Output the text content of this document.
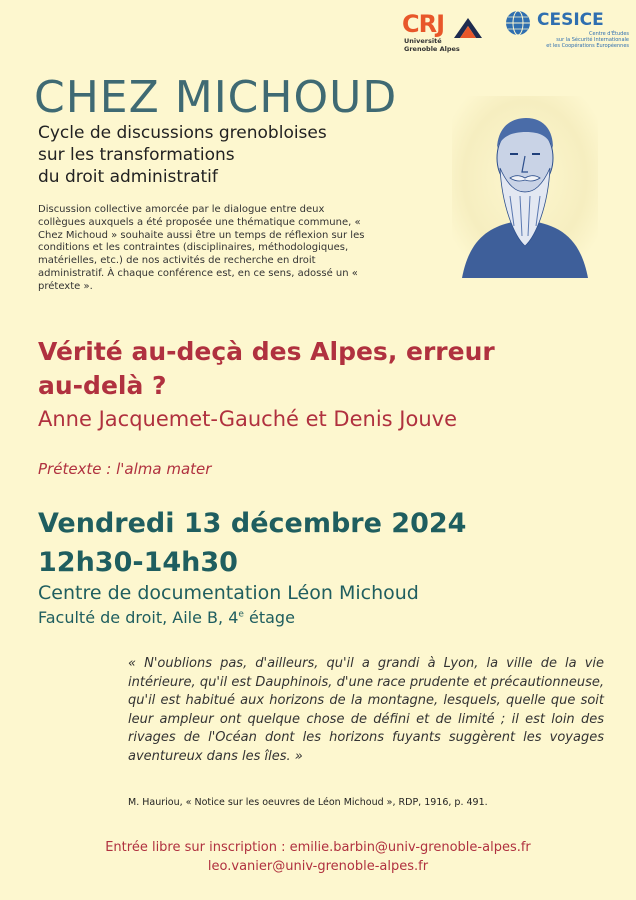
CRJ
Université
Grenoble Alpes
CESICE
Centre d'Études
sur la Sécurité Internationale
et les Coopérations Européennes
CHEZ MICHOUD
Cycle de discussions grenobloises
sur les transformations
du droit administratif
Discussion collective amorcée par le dialogue entre deux collègues auxquels a été proposée une thématique commune, « Chez Michoud » souhaite aussi être un temps de réflexion sur les conditions et les contraintes (disciplinaires, méthodologiques, matérielles, etc.) de nos activités de recherche en droit administratif. À chaque conférence est, en ce sens, adossé un « prétexte ».
Vérité au-deçà des Alpes, erreur
au-delà ?
Anne Jacquemet-Gauché et Denis Jouve
Prétexte : l'alma mater
Vendredi 13 décembre 2024
12h30-14h30
Centre de documentation Léon Michoud
Faculté de droit, Aile B, 4e étage
« N'oublions pas, d'ailleurs, qu'il a grandi à Lyon, la ville de la vie intérieure, qu'il est Dauphinois, d'une race prudente et précautionneuse, qu'il est habitué aux horizons de la montagne, lesquels, quelle que soit leur ampleur ont quelque chose de défini et de limité ; il est loin des rivages de l'Océan dont les horizons fuyants suggèrent les voyages aventureux dans les îles. »
M. Hauriou, « Notice sur les oeuvres de Léon Michoud », RDP, 1916, p. 491.
Entrée libre sur inscription : emilie.barbin@univ-grenoble-alpes.fr
leo.vanier@univ-grenoble-alpes.fr
